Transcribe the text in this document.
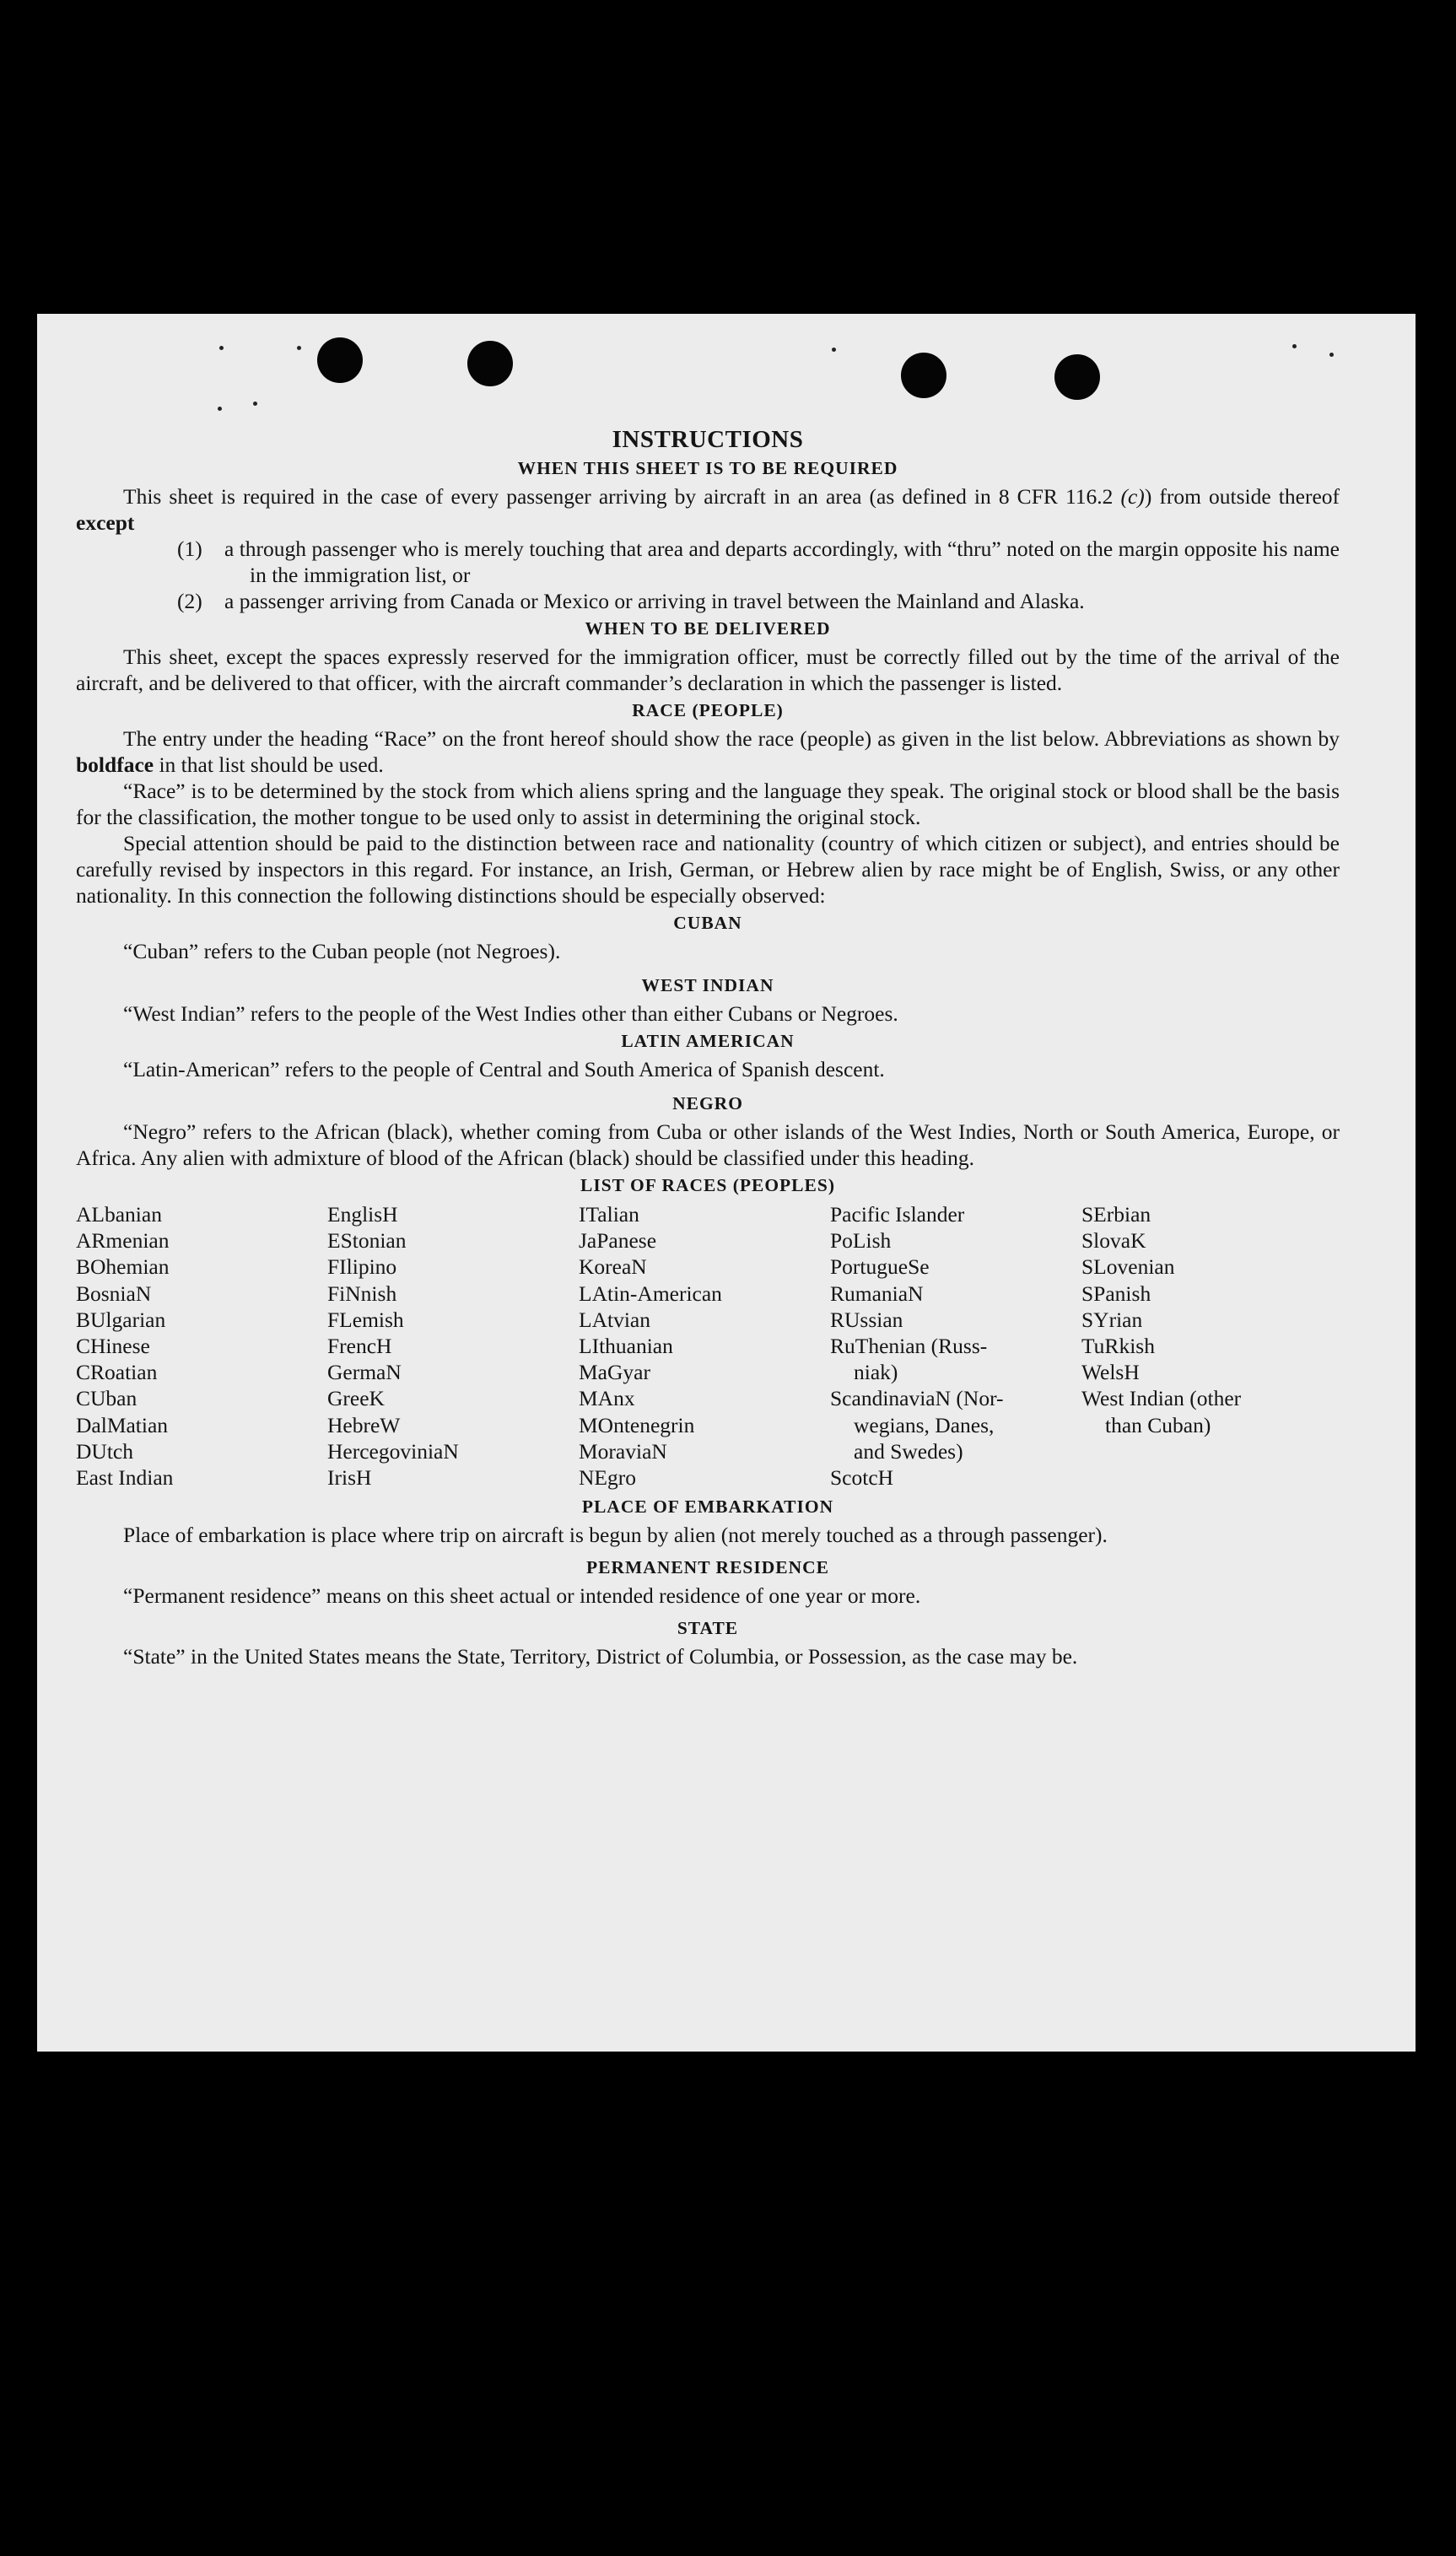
INSTRUCTIONS
WHEN THIS SHEET IS TO BE REQUIRED

This sheet is required in the case of every passenger arriving by aircraft in an area (as defined in 8 CFR 116.2 (c)) from outside thereof except

(1) a through passenger who is merely touching that area and departs accordingly, with “thru” noted on the margin opposite his name in the immigration list, or

(2) a passenger arriving from Canada or Mexico or arriving in travel between the Mainland and Alaska.

WHEN TO BE DELIVERED

This sheet, except the spaces expressly reserved for the immigration officer, must be correctly filled out by the time of the arrival of the aircraft, and be delivered to that officer, with the aircraft commander’s declaration in which the passenger is listed.

RACE (PEOPLE)

The entry under the heading “Race” on the front hereof should show the race (people) as given in the list below. Abbreviations as shown by boldface in that list should be used.

“Race” is to be determined by the stock from which aliens spring and the language they speak. The original stock or blood shall be the basis for the classification, the mother tongue to be used only to assist in determining the original stock.

Special attention should be paid to the distinction between race and nationality (country of which citizen or subject), and entries should be carefully revised by inspectors in this regard. For instance, an Irish, German, or Hebrew alien by race might be of English, Swiss, or any other nationality. In this connection the following distinctions should be especially observed:

CUBAN

“Cuban” refers to the Cuban people (not Negroes).

WEST INDIAN

“West Indian” refers to the people of the West Indies other than either Cubans or Negroes.

LATIN AMERICAN

“Latin-American” refers to the people of Central and South America of Spanish descent.

NEGRO

“Negro” refers to the African (black), whether coming from Cuba or other islands of the West Indies, North or South America, Europe, or Africa. Any alien with admixture of blood of the African (black) should be classified under this heading.

LIST OF RACES (PEOPLES)
ALbanian
ARmenian
BOhemian
BosniaN
BUlgarian
CHinese
CRoatian
CUban
DalMatian
DUtch
East Indian
EnglisH
EStonian
FIlipino
FiNnish
FLemish
FrencH
GermaN
GreeK
HebreW
HercegoviniaN
IrisH
ITalian
JaPanese
KoreaN
LAtin-American
LAtvian
LIthuanian
MaGyar
MAnx
MOntenegrin
MoraviaN
NEgro
Pacific Islander
PoLish
PortugueSe
RumaniaN
RUssian
RuThenian (Russ-
niak)
ScandinaviaN (Nor-
wegians, Danes,
and Swedes)
ScotcH
SErbian
SlovaK
SLovenian
SPanish
SYrian
TuRkish
WelsH
West Indian (other
than Cuban)
PLACE OF EMBARKATION

Place of embarkation is place where trip on aircraft is begun by alien (not merely touched as a through passenger).

PERMANENT RESIDENCE

“Permanent residence” means on this sheet actual or intended residence of one year or more.

STATE

“State” in the United States means the State, Territory, District of Columbia, or Possession, as the case may be.
